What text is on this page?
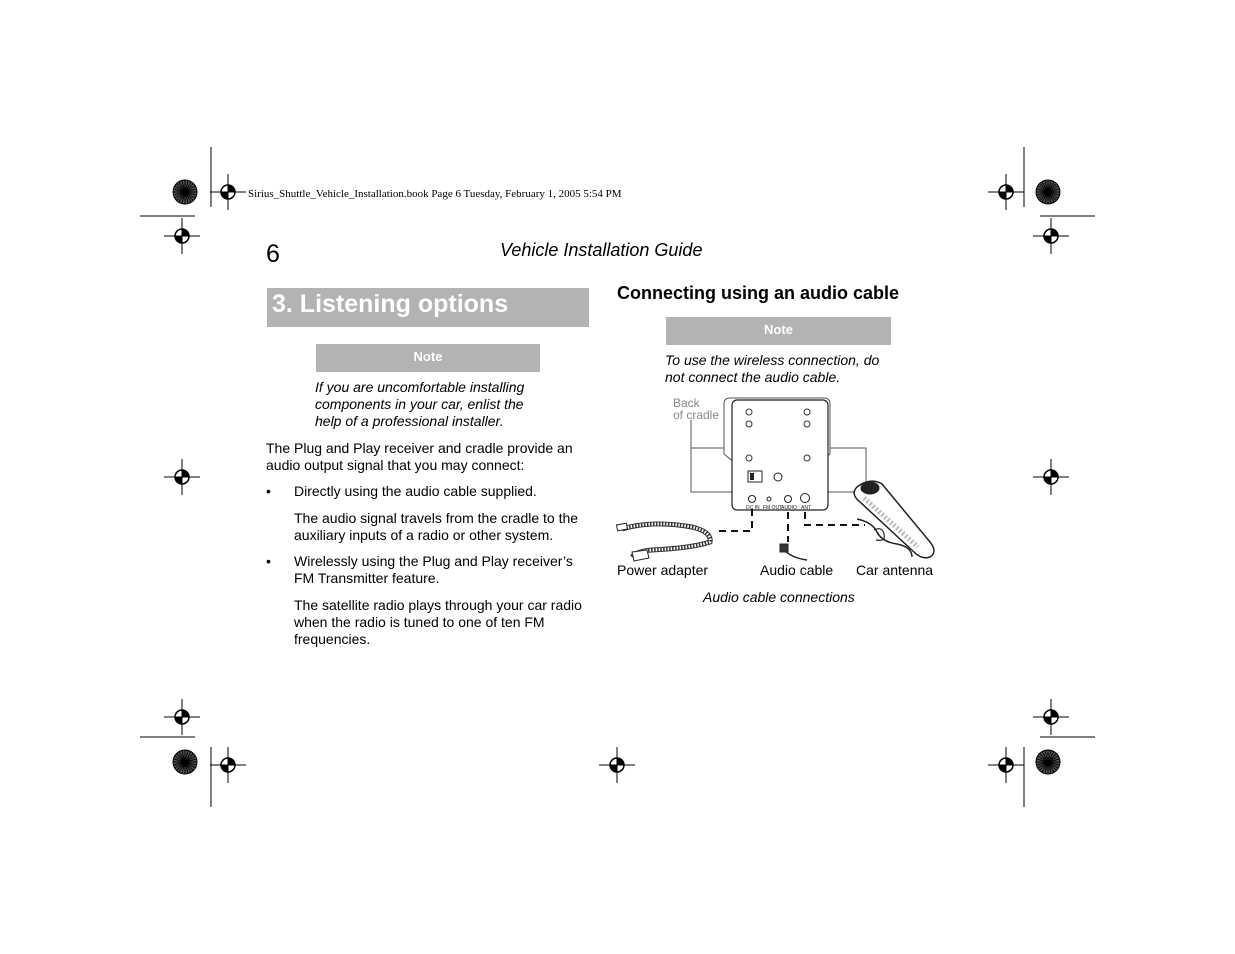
Sirius_Shuttle_Vehicle_Installation.book Page 6 Tuesday, February 1, 2005 5:54 PM
6	Vehicle Installation Guide
3. Listening options
Note
If you are uncomfortable installing
components in your car, enlist the
help of a professional installer.
The Plug and Play receiver and cradle provide an
audio output signal that you may connect:
• Directly using the audio cable supplied.
The audio signal travels from the cradle to the
auxiliary inputs of a radio or other system.
• Wirelessly using the Plug and Play receiver’s
FM Transmitter feature.
The satellite radio plays through your car radio
when the radio is tuned to one of ten FM
frequencies.
Connecting using an audio cable
Note
To use the wireless connection, do
not connect the audio cable.
DC IN FM OUT
AUDIO ANT
Back
of cradle
Power adapter	Audio cable Car antenna
Audio cable connections
